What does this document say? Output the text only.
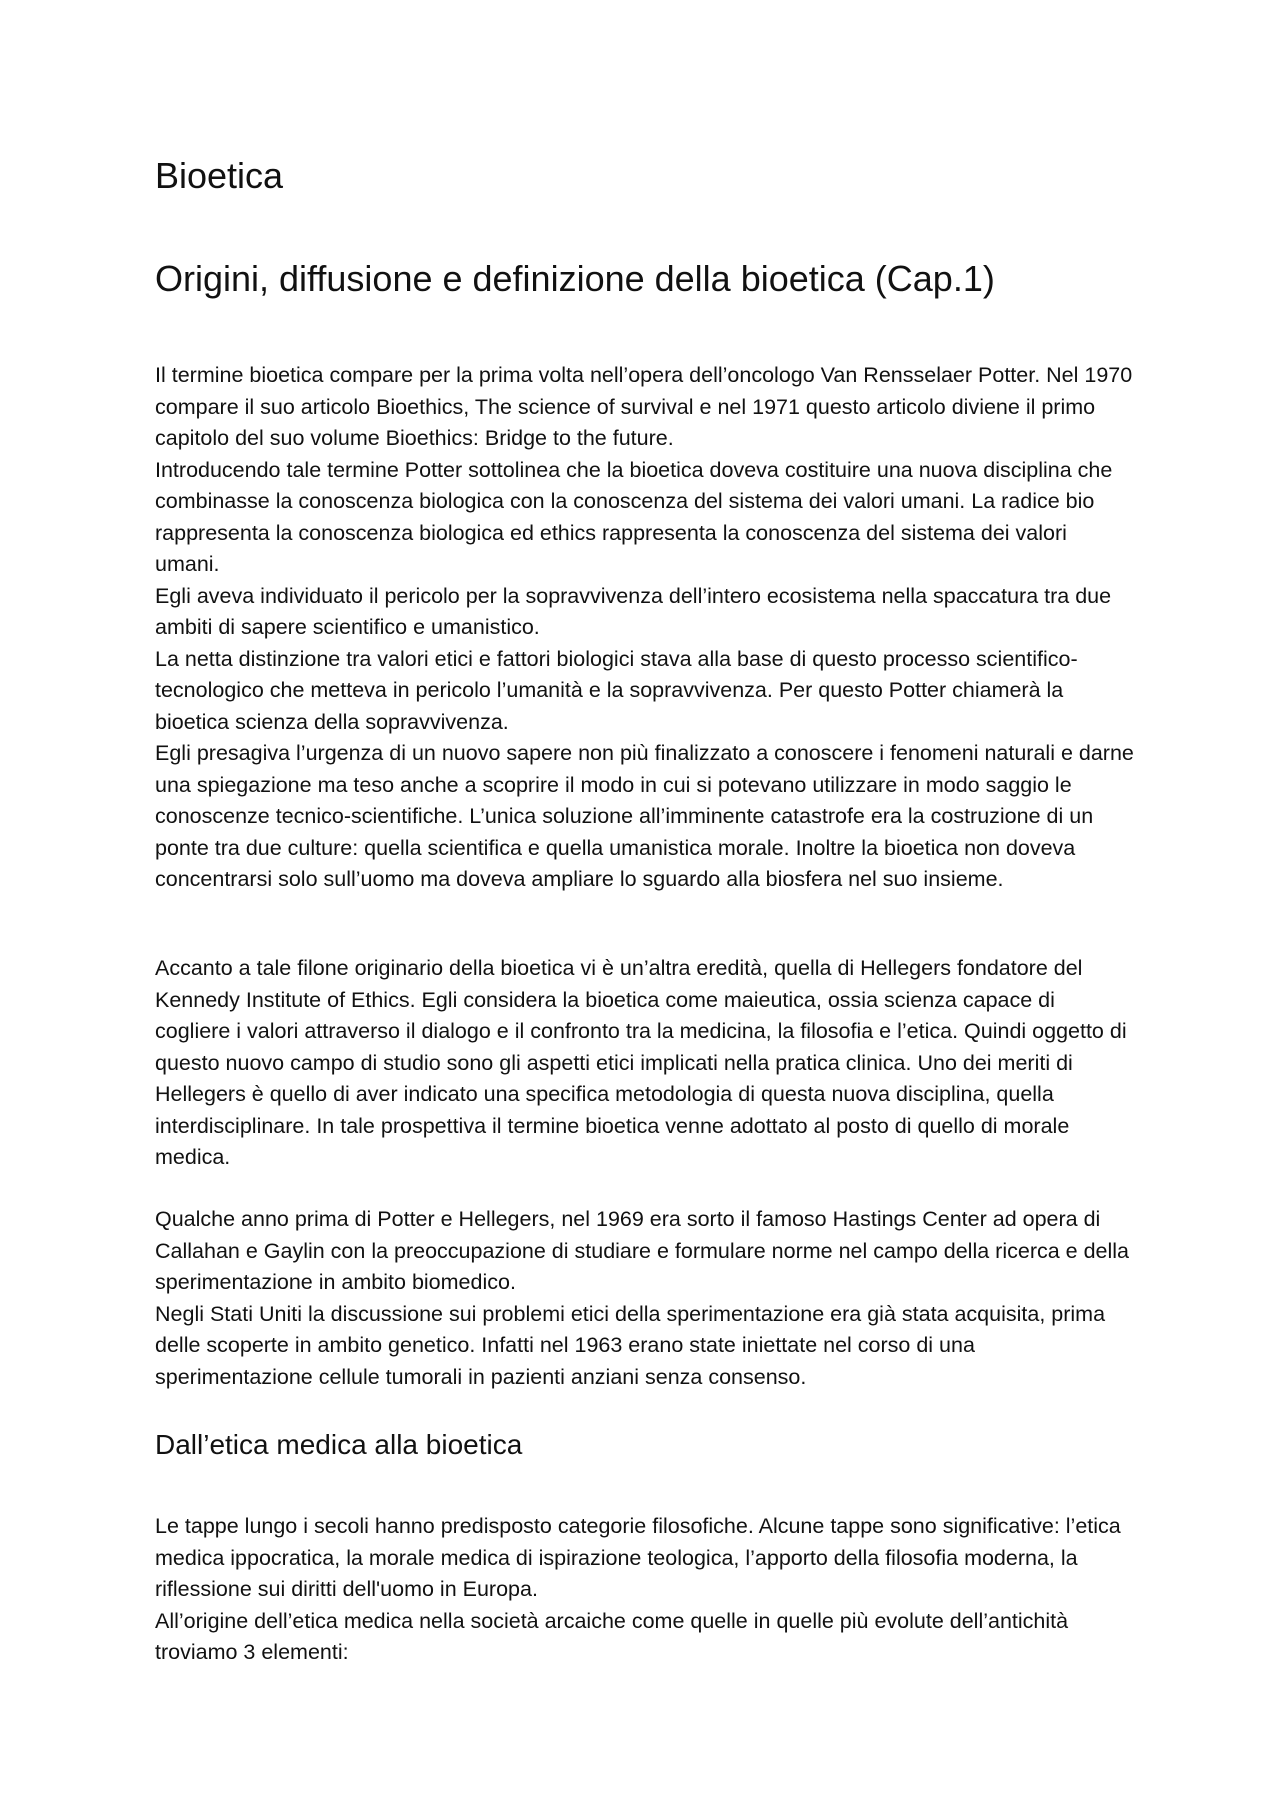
Bioetica
Origini, diffusione e definizione della bioetica (Cap.1)

Il termine bioetica compare per la prima volta nell’opera dell’oncologo Van Rensselaer Potter. Nel 1970 compare il suo articolo Bioethics, The science of survival e nel 1971 questo articolo diviene il primo capitolo del suo volume Bioethics: Bridge to the future.

Introducendo tale termine Potter sottolinea che la bioetica doveva costituire una nuova disciplina che combinasse la conoscenza biologica con la conoscenza del sistema dei valori umani. La radice bio rappresenta la conoscenza biologica ed ethics rappresenta la conoscenza del sistema dei valori umani.

Egli aveva individuato il pericolo per la sopravvivenza dell’intero ecosistema nella spaccatura tra due ambiti di sapere scientifico e umanistico.

La netta distinzione tra valori etici e fattori biologici stava alla base di questo processo scientifico-tecnologico che metteva in pericolo l’umanità e la sopravvivenza. Per questo Potter chiamerà la bioetica scienza della sopravvivenza.

Egli presagiva l’urgenza di un nuovo sapere non più finalizzato a conoscere i fenomeni naturali e darne una spiegazione ma teso anche a scoprire il modo in cui si potevano utilizzare in modo saggio le conoscenze tecnico-scientifiche. L’unica soluzione all’imminente catastrofe era la costruzione di un ponte tra due culture: quella scientifica e quella umanistica morale. Inoltre la bioetica non doveva concentrarsi solo sull’uomo ma doveva ampliare lo sguardo alla biosfera nel suo insieme.

Accanto a tale filone originario della bioetica vi è un’altra eredità, quella di Hellegers fondatore del Kennedy Institute of Ethics. Egli considera la bioetica come maieutica, ossia scienza capace di cogliere i valori attraverso il dialogo e il confronto tra la medicina, la filosofia e l’etica. Quindi oggetto di questo nuovo campo di studio sono gli aspetti etici implicati nella pratica clinica. Uno dei meriti di Hellegers è quello di aver indicato una specifica metodologia di questa nuova disciplina, quella interdisciplinare. In tale prospettiva il termine bioetica venne adottato al posto di quello di morale medica.

Qualche anno prima di Potter e Hellegers, nel 1969 era sorto il famoso Hastings Center ad opera di Callahan e Gaylin con la preoccupazione di studiare e formulare norme nel campo della ricerca e della sperimentazione in ambito biomedico.

Negli Stati Uniti la discussione sui problemi etici della sperimentazione era già stata acquisita, prima delle scoperte in ambito genetico. Infatti nel 1963 erano state iniettate nel corso di una sperimentazione cellule tumorali in pazienti anziani senza consenso.

Dall’etica medica alla bioetica

Le tappe lungo i secoli hanno predisposto categorie filosofiche. Alcune tappe sono significative: l’etica medica ippocratica, la morale medica di ispirazione teologica, l’apporto della filosofia moderna, la riflessione sui diritti dell'uomo in Europa.

All’origine dell’etica medica nella società arcaiche come quelle in quelle più evolute dell’antichità troviamo 3 elementi:
